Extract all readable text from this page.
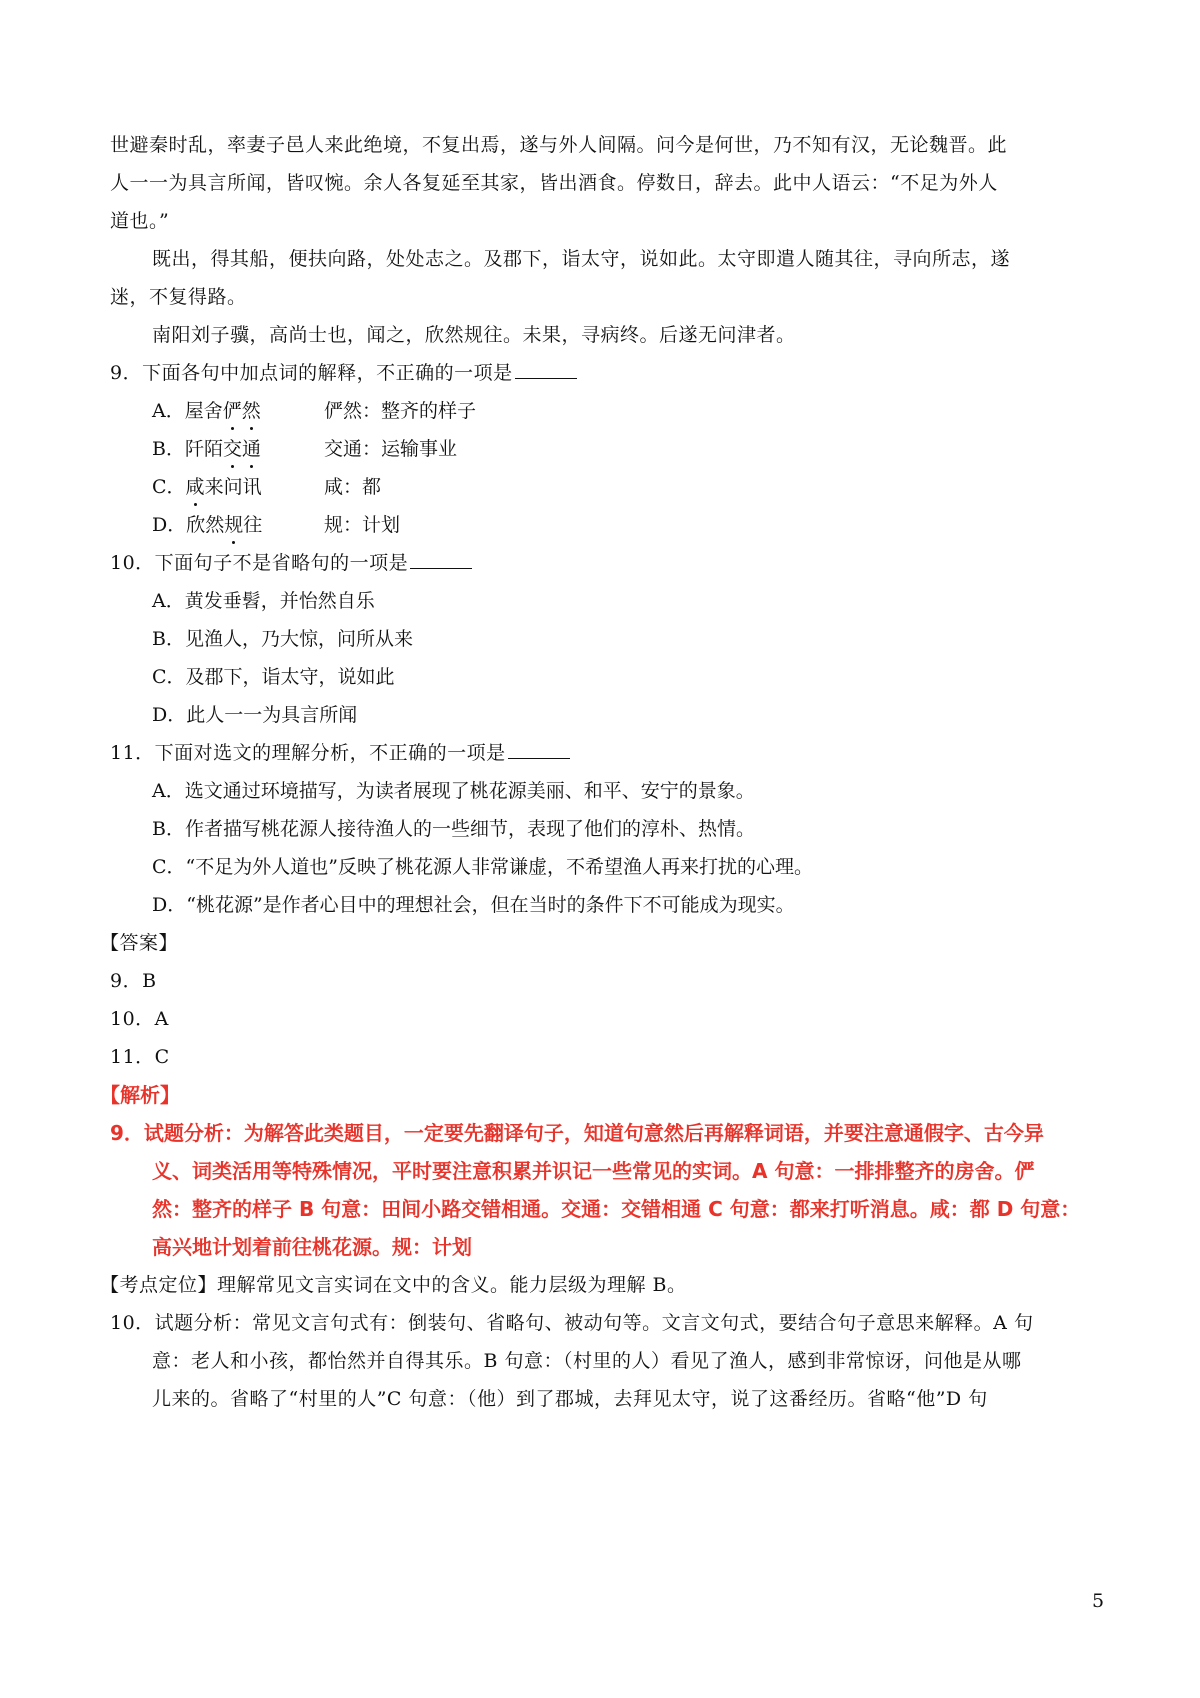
世避秦时乱，率妻子邑人来此绝境，不复出焉，遂与外人间隔。问今是何世，乃不知有汉，无论魏晋。此
人一一为具言所闻，皆叹惋。余人各复延至其家，皆出酒食。停数日，辞去。此中人语云：“不足为外人
道也。”
既出，得其船，便扶向路，处处志之。及郡下，诣太守，说如此。太守即遣人随其往，寻向所志，遂
迷，不复得路。
南阳刘子骥，高尚士也，闻之，欣然规往。未果，寻病终。后遂无问津者。
9．下面各句中加点词的解释，不正确的一项是
A．屋舍俨然	俨然：整齐的样子
B．阡陌交通	交通：运输事业
C．咸来问讯	咸：都
D．欣然规往	规：计划
10．下面句子不是省略句的一项是
A．黄发垂髫，并怡然自乐
B．见渔人，乃大惊，问所从来
C．及郡下，诣太守，说如此
D．此人一一为具言所闻
11．下面对选文的理解分析，不正确的一项是
A．选文通过环境描写，为读者展现了桃花源美丽、和平、安宁的景象。
B．作者描写桃花源人接待渔人的一些细节，表现了他们的淳朴、热情。
C．“不足为外人道也”反映了桃花源人非常谦虚，不希望渔人再来打扰的心理。
D．“桃花源”是作者心目中的理想社会，但在当时的条件下不可能成为现实。
【答案】
9．B
10．A
11．C
【解析】
9．试题分析：为解答此类题目，一定要先翻译句子，知道句意然后再解释词语，并要注意通假字、古今异
义、词类活用等特殊情况，平时要注意积累并识记一些常见的实词。A 句意：一排排整齐的房舍。俨
然：整齐的样子 B 句意：田间小路交错相通。交通：交错相通 C 句意：都来打听消息。咸：都 D 句意：
高兴地计划着前往桃花源。规：计划
【考点定位】理解常见文言实词在文中的含义。能力层级为理解 B。
10．试题分析：常见文言句式有：倒装句、省略句、被动句等。文言文句式，要结合句子意思来解释。A 句
意：老人和小孩，都怡然并自得其乐。B 句意：（村里的人）看见了渔人，感到非常惊讶，问他是从哪
儿来的。省略了“村里的人”C 句意：（他）到了郡城，去拜见太守，说了这番经历。省略“他”D 句
5
